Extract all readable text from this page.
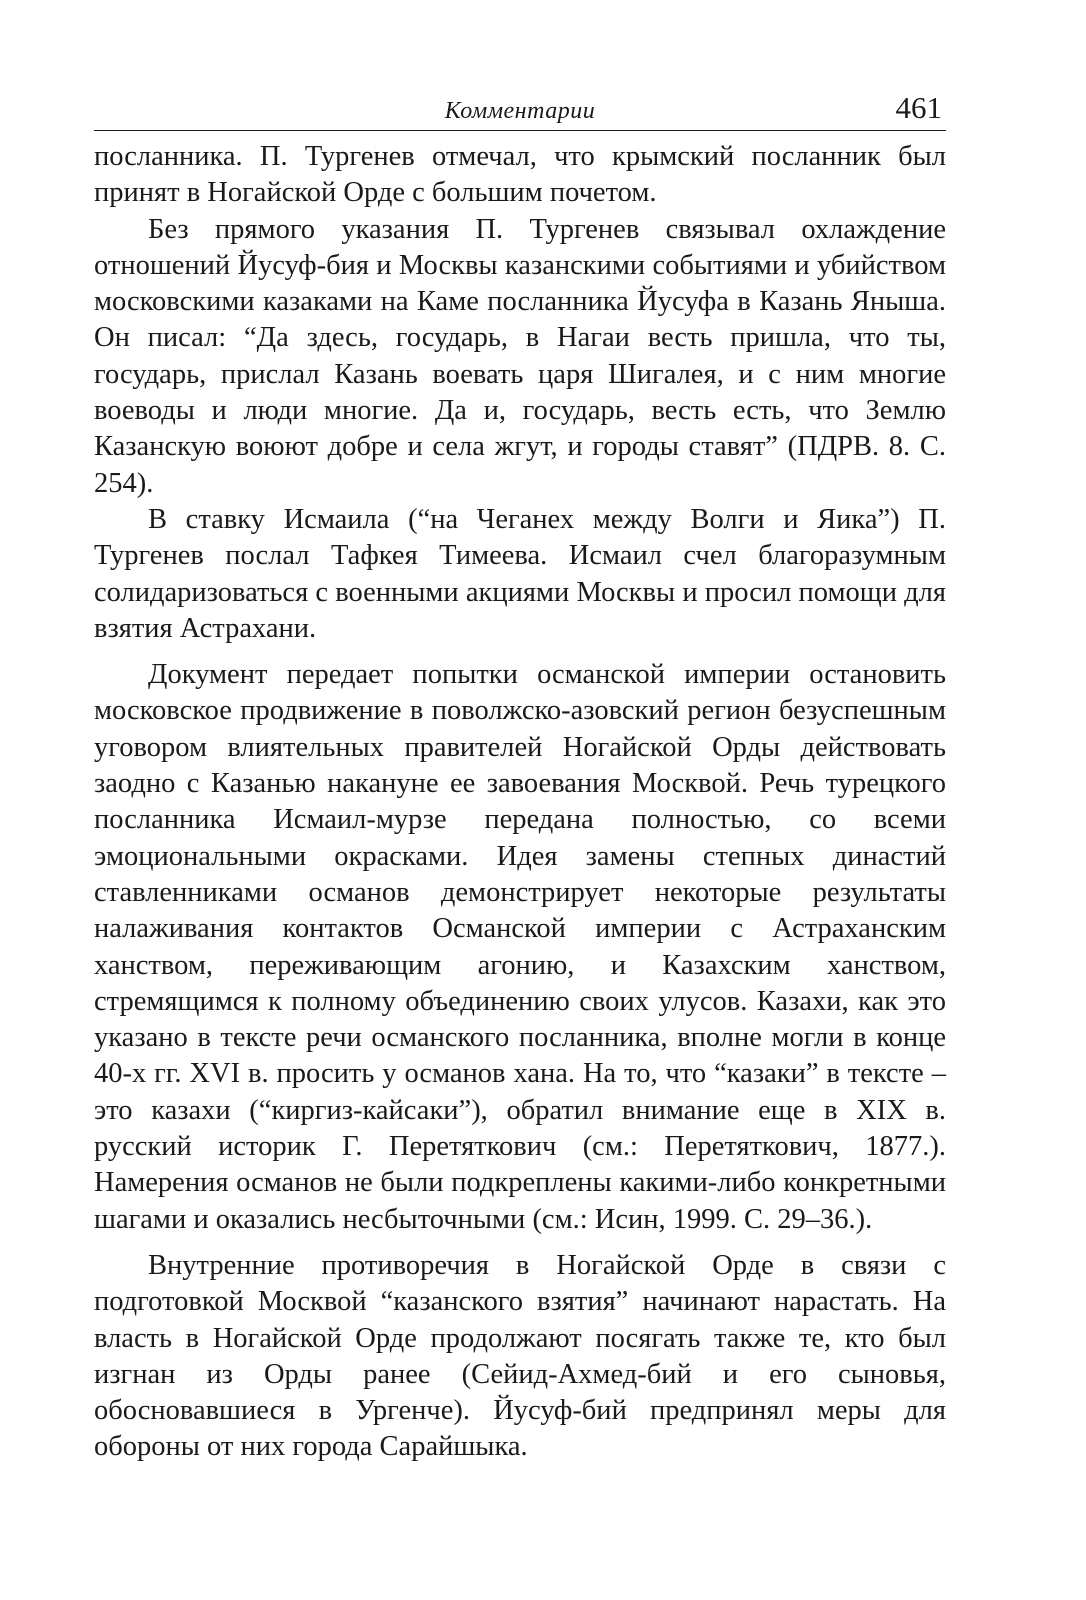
Комментарии	461

посланника. П. Тургенев отмечал, что крымский посланник был принят в Ногайской Орде с большим почетом.

Без прямого указания П. Тургенев связывал охлаждение отношений Йусуф-бия и Москвы казанскими событиями и убийством московскими казаками на Каме посланника Йусуфа в Казань Яныша. Он писал: “Да здесь, государь, в Нагаи весть пришла, что ты, государь, прислал Казань воевать царя Шигалея, и с ним многие воеводы и люди многие. Да и, государь, весть есть, что Землю Казанскую воюют добре и села жгут, и городы ставят” (ПДРВ. 8. С. 254).

В ставку Исмаила (“на Чеганех между Волги и Яика”) П. Тургенев послал Тафкея Тимеева. Исмаил счел благоразумным солидаризоваться с военными акциями Москвы и просил помощи для взятия Астрахани.

Документ передает попытки османской империи остановить московское продвижение в поволжско-азовский регион безуспешным уговором влиятельных правителей Ногайской Орды действовать заодно с Казанью накануне ее завоевания Москвой. Речь турецкого посланника Исмаил-мурзе передана полностью, со всеми эмоциональными окрасками. Идея замены степных династий ставленниками османов демонстрирует некоторые результаты налаживания контактов Османской империи с Астраханским ханством, переживающим агонию, и Казахским ханством, стремящимся к полному объединению своих улусов. Казахи, как это указано в тексте речи османского посланника, вполне могли в конце 40-х гг. XVI в. просить у османов хана. На то, что “казаки” в тексте – это казахи (“киргиз-кайсаки”), обратил внимание еще в XIX в. русский историк Г. Перетяткович (см.: Перетяткович, 1877.). Намерения османов не были подкреплены какими-либо конкретными шагами и оказались несбыточными (см.: Исин, 1999. С. 29–36.).

Внутренние противоречия в Ногайской Орде в связи с подготовкой Москвой “казанского взятия” начинают нарастать. На власть в Ногайской Орде продолжают посягать также те, кто был изгнан из Орды ранее (Сейид-Ахмед-бий и его сыновья, обосновавшиеся в Ургенче). Йусуф-бий предпринял меры для обороны от них города Сарайшыка.
